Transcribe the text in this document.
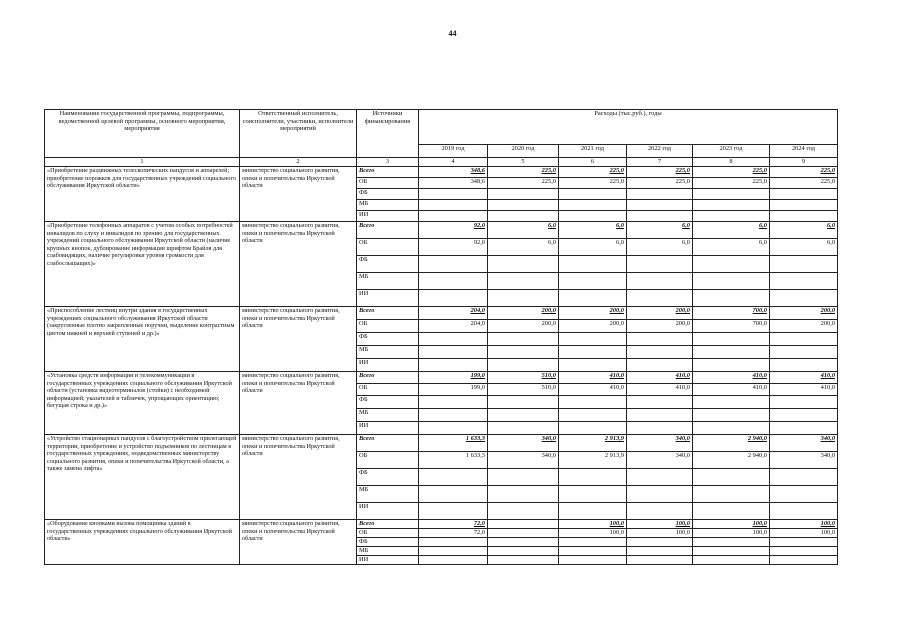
44
Наименование государственной программы, подпрограммы, ведомственной целевой программы, основного мероприятия, мероприятия	Ответственный исполнитель, соисполнители, участники, исполнители мероприятий	Источники финансирования	Расходы (тыс.руб.), годы					
			2019 год	2020 год	2021 год	2022 год	2023 год	2024 год
1	2	3	4	5	6	7	8	9
«Приобретение раздвижных телескопических пандусов и аппарелей; приобретение порожков для государственных учреждений социального обслуживания Иркутской области»	министерство социального развития, опеки и попечительства Иркутской области	Всего	348,6	225,0	225,0	225,0	225,0	225,0
		ОБ	348,6	225,0	225,0	225,0	225,0	225,0
		ФБ						
		МБ						
		ИИ						
«Приобретение телефонных аппаратов с учетом особых потребностей инвалидов по слуху и инвалидов по зрению для государственных учреждений социального обслуживания Иркутской области (наличие крупных кнопок, дублирование информации шрифтом Брайля для слабовидящих, наличие регулировки уровня громкости для слабослышащих)»	министерство социального развития, опеки и попечительства Иркутской области	Всего	92,0	6,0	6,0	6,0	6,0	6,0
		ОБ	92,0	6,0	6,0	6,0	6,0	6,0
		ФБ						
		МБ						
		ИИ						
«Приспособление лестниц внутри здания в государственных учреждениях социального обслуживания Иркутской области (закругленные плотно закрепленные поручни, выделение контрастным цветом нижней и верхней ступеней и др.)»	министерство социального развития, опеки и попечительства Иркутской области	Всего	204,0	200,0	200,0	200,0	700,0	200,0
		ОБ	204,0	200,0	200,0	200,0	700,0	200,0
		ФБ						
		МБ						
		ИИ						
«Установка средств информации и телекоммуникации в государственных учреждениях социального обслуживания Иркутской области (установка видеотерминалов (стойки) с необходимой информацией; указателей и табличек, упрощающих ориентацию; бегущая строка и др.)»	министерство социального развития, опеки и попечительства Иркутской области	Всего	199,0	510,0	410,0	410,0	410,0	410,0
		ОБ	199,0	510,0	410,0	410,0	410,0	410,0
		ФБ						
		МБ						
		ИИ						
«Устройство стационарных пандусов с благоустройством прилегающей территории, приобретение и устройство подъемников по лестницам в государственных учреждениях, подведомственных министерству социального развития, опеки и попечительства Иркутской области, а также замена лифта»	министерство социального развития, опеки и попечительства Иркутской области	Всего	1 633,3	340,0	2 913,9	340,0	2 940,0	340,0
		ОБ	1 633,3	340,0	2 913,9	340,0	2 940,0	340,0
		ФБ						
		МБ						
		ИИ						
«Оборудование кнопками вызова помощника зданий в государственных учреждениях социального обслуживания Иркутской области»	министерство социального развития, опеки и попечительства Иркутской области	Всего	72,0		100,0	100,0	100,0	100,0
		ОБ	72,0		100,0	100,0	100,0	100,0
		ФБ						
		МБ						
		ИИ						
